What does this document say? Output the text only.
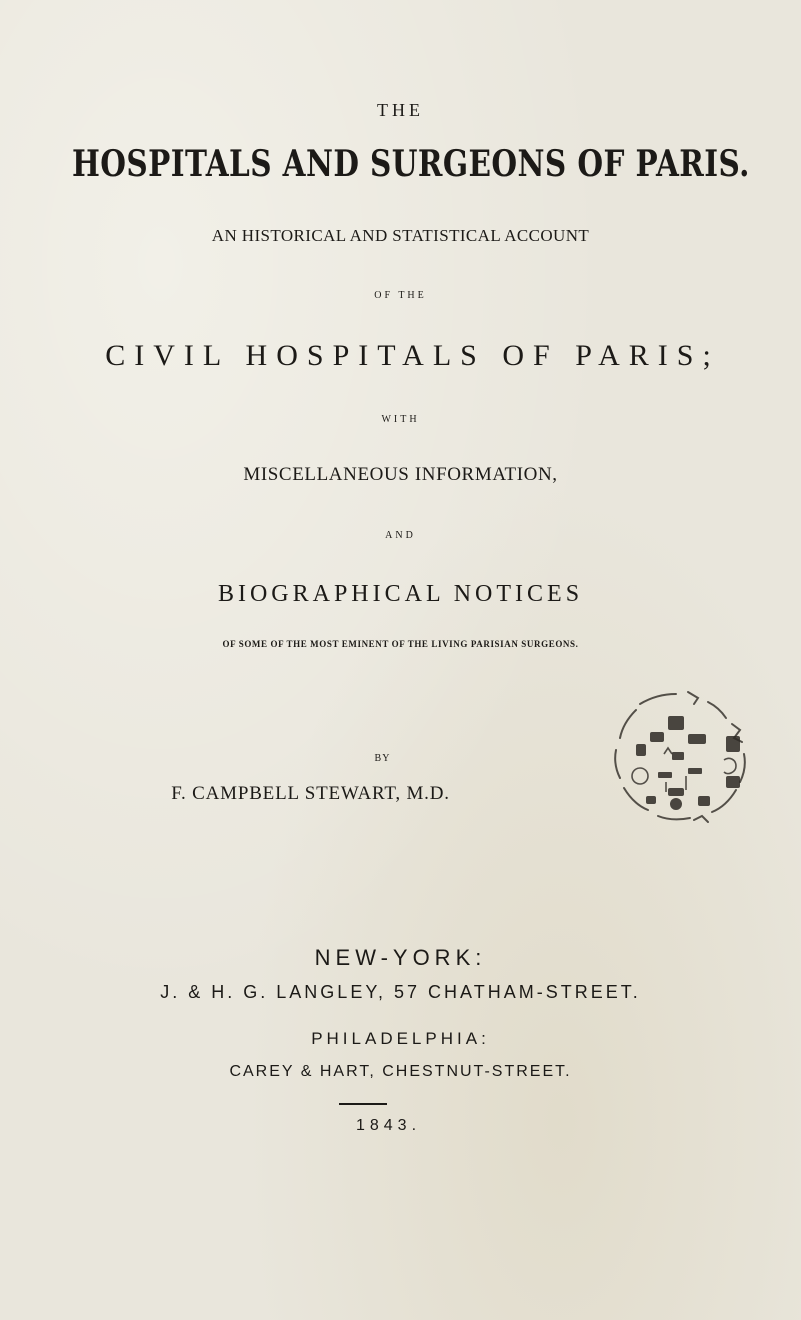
THE
HOSPITALS AND SURGEONS OF PARIS.
AN HISTORICAL AND STATISTICAL ACCOUNT
OF THE
CIVIL HOSPITALS OF PARIS;
WITH
MISCELLANEOUS INFORMATION,
AND
BIOGRAPHICAL NOTICES
OF SOME OF THE MOST EMINENT OF THE LIVING PARISIAN SURGEONS.
BY
F. CAMPBELL STEWART, M.D.
NEW-YORK:
J. & H. G. LANGLEY, 57 CHATHAM-STREET.
PHILADELPHIA:
CAREY & HART, CHESTNUT-STREET.
1843.
